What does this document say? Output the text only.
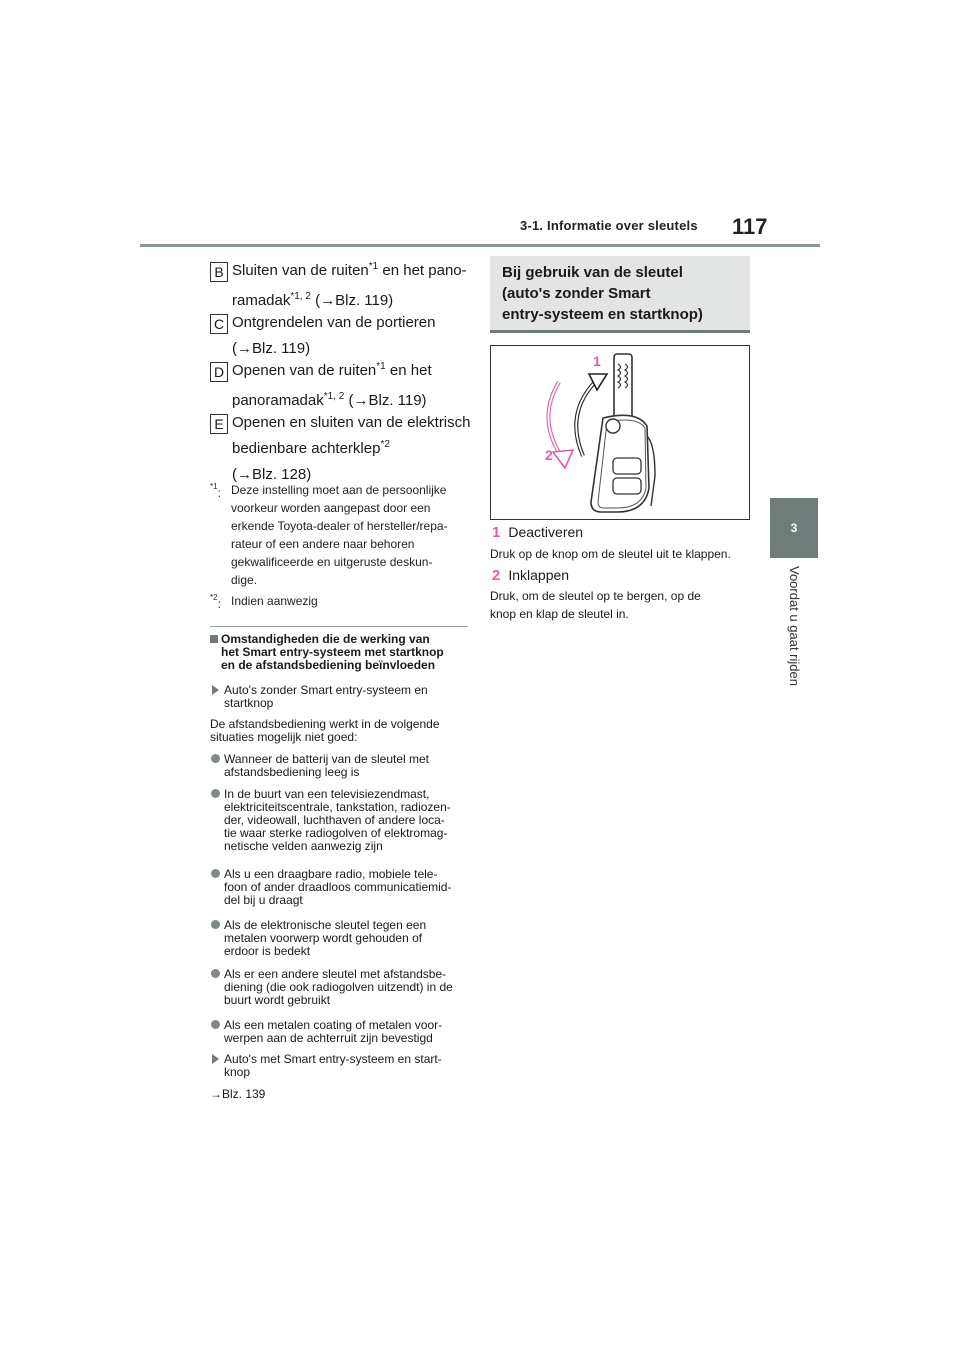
3-1. Informatie over sleutels 117
3
Voordat u gaat rijden
B Sluiten van de ruiten$^{*1}$ en het pano-
ramadak$^{*1, 2}$ (→Blz. 119)
C Ontgrendelen van de portieren
(→Blz. 119)
D Openen van de ruiten$^{*1}$ en het
panoramadak$^{*1, 2}$ (→Blz. 119)
E Openen en sluiten van de elektrisch
bedienbare achterklep$^{*2}$
(→Blz. 128)
$^{*1}$: Deze instelling moet aan de persoonlijke
voorkeur worden aangepast door een
erkende Toyota-dealer of hersteller/repa-
rateur of een andere naar behoren
gekwalificeerde en uitgeruste deskun-
dige.
$^{*2}$: Indien aanwezig
Omstandigheden die de werking van
het Smart entry-systeem met startknop
en de afstandsbediening beïnvloeden
Auto's zonder Smart entry-systeem en
startknop
De afstandsbediening werkt in de volgende
situaties mogelijk niet goed:
Wanneer de batterij van de sleutel met
afstandsbediening leeg is
In de buurt van een televisiezendmast,
elektriciteitscentrale, tankstation, radiozen-
der, videowall, luchthaven of andere loca-
tie waar sterke radiogolven of elektromag-
netische velden aanwezig zijn
Als u een draagbare radio, mobiele tele-
foon of ander draadloos communicatiemid-
del bij u draagt
Als de elektronische sleutel tegen een
metalen voorwerp wordt gehouden of
erdoor is bedekt
Als er een andere sleutel met afstandsbe-
diening (die ook radiogolven uitzendt) in de
buurt wordt gebruikt
Als een metalen coating of metalen voor-
werpen aan de achterruit zijn bevestigd
Auto's met Smart entry-systeem en start-
knop
→Blz. 139
Bij gebruik van de sleutel
(auto's zonder Smart
entry-systeem en startknop)
1
2
1 Deactiveren
Druk op de knop om de sleutel uit te klappen.
2 Inklappen
Druk, om de sleutel op te bergen, op de
knop en klap de sleutel in.
